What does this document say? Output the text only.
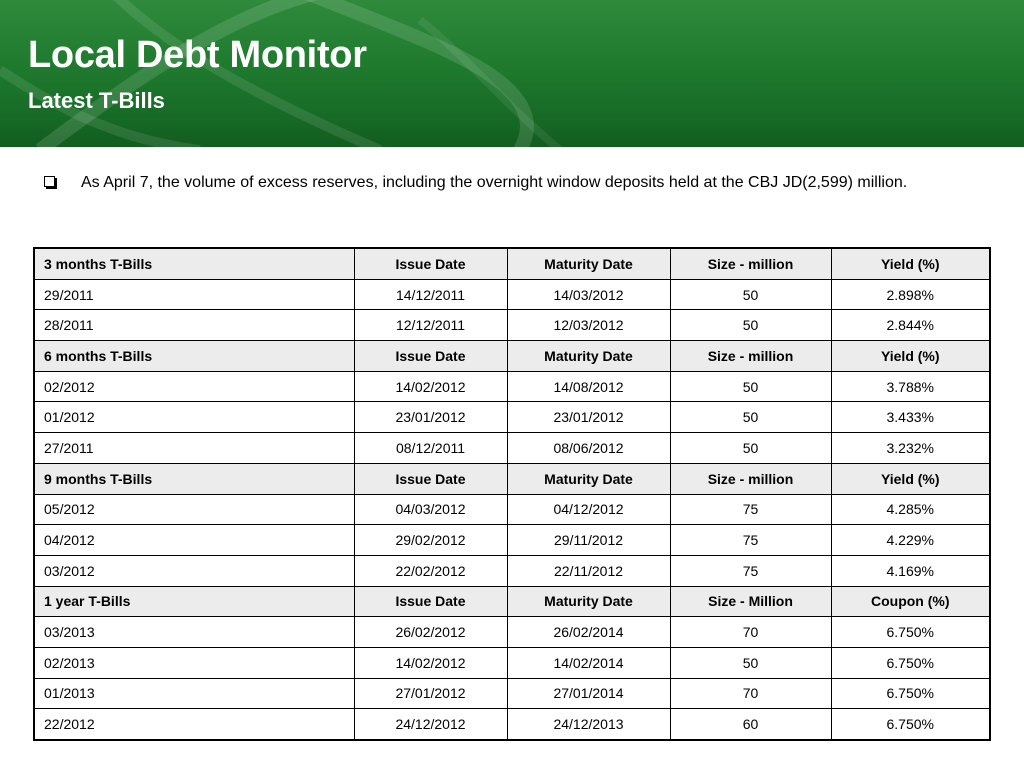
Local Debt Monitor
Latest T-Bills
As April 7, the volume of excess reserves, including the overnight window deposits held at the CBJ JD(2,599) million.
3 months T-Bills	Issue Date	Maturity Date	Size - million	Yield (%)
29/2011	14/12/2011	14/03/2012	50	2.898%
28/2011	12/12/2011	12/03/2012	50	2.844%
6 months T-Bills	Issue Date	Maturity Date	Size - million	Yield (%)
02/2012	14/02/2012	14/08/2012	50	3.788%
01/2012	23/01/2012	23/01/2012	50	3.433%
27/2011	08/12/2011	08/06/2012	50	3.232%
9 months T-Bills	Issue Date	Maturity Date	Size - million	Yield (%)
05/2012	04/03/2012	04/12/2012	75	4.285%
04/2012	29/02/2012	29/11/2012	75	4.229%
03/2012	22/02/2012	22/11/2012	75	4.169%
1 year T-Bills	Issue Date	Maturity Date	Size - Million	Coupon (%)
03/2013	26/02/2012	26/02/2014	70	6.750%
02/2013	14/02/2012	14/02/2014	50	6.750%
01/2013	27/01/2012	27/01/2014	70	6.750%
22/2012	24/12/2012	24/12/2013	60	6.750%
